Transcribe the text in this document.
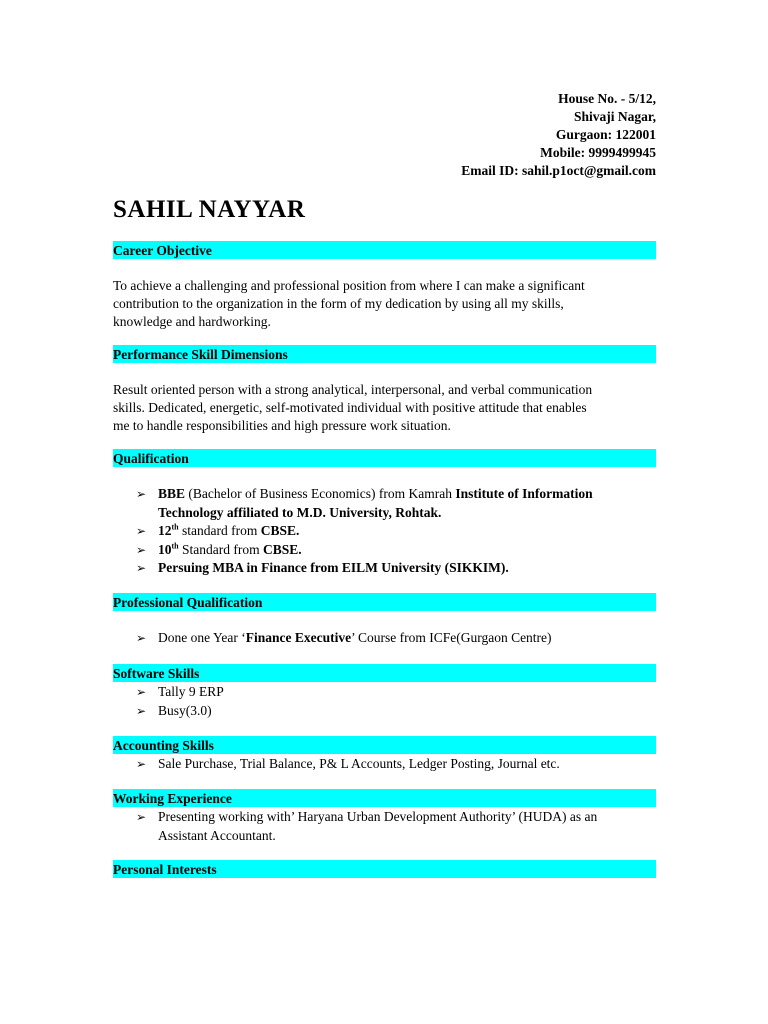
House No. - 5/12,
Shivaji Nagar,
Gurgaon: 122001
Mobile: 9999499945
Email ID: sahil.p1oct@gmail.com
SAHIL NAYYAR
Career Objective
To achieve a challenging and professional position from where I can make a significant
contribution to the organization in the form of my dedication by using all my skills,
knowledge and hardworking.
Performance Skill Dimensions
Result oriented person with a strong analytical, interpersonal, and verbal communication
skills. Dedicated, energetic, self-motivated individual with positive attitude that enables
me to handle responsibilities and high pressure work situation.
Qualification
➢ BBE (Bachelor of Business Economics) from Kamrah Institute of Information
Technology affiliated to M.D. University, Rohtak.
➢ 12th standard from CBSE.
➢ 10th Standard from CBSE.
➢ Persuing MBA in Finance from EILM University (SIKKIM).
Professional Qualification
➢ Done one Year ‘Finance Executive’ Course from ICFe(Gurgaon Centre)
Software Skills
➢ Tally 9 ERP
➢ Busy(3.0)
Accounting Skills
➢ Sale Purchase, Trial Balance, P& L Accounts, Ledger Posting, Journal etc.
Working Experience
➢ Presenting working with’ Haryana Urban Development Authority’ (HUDA) as an
Assistant Accountant.
Personal Interests
